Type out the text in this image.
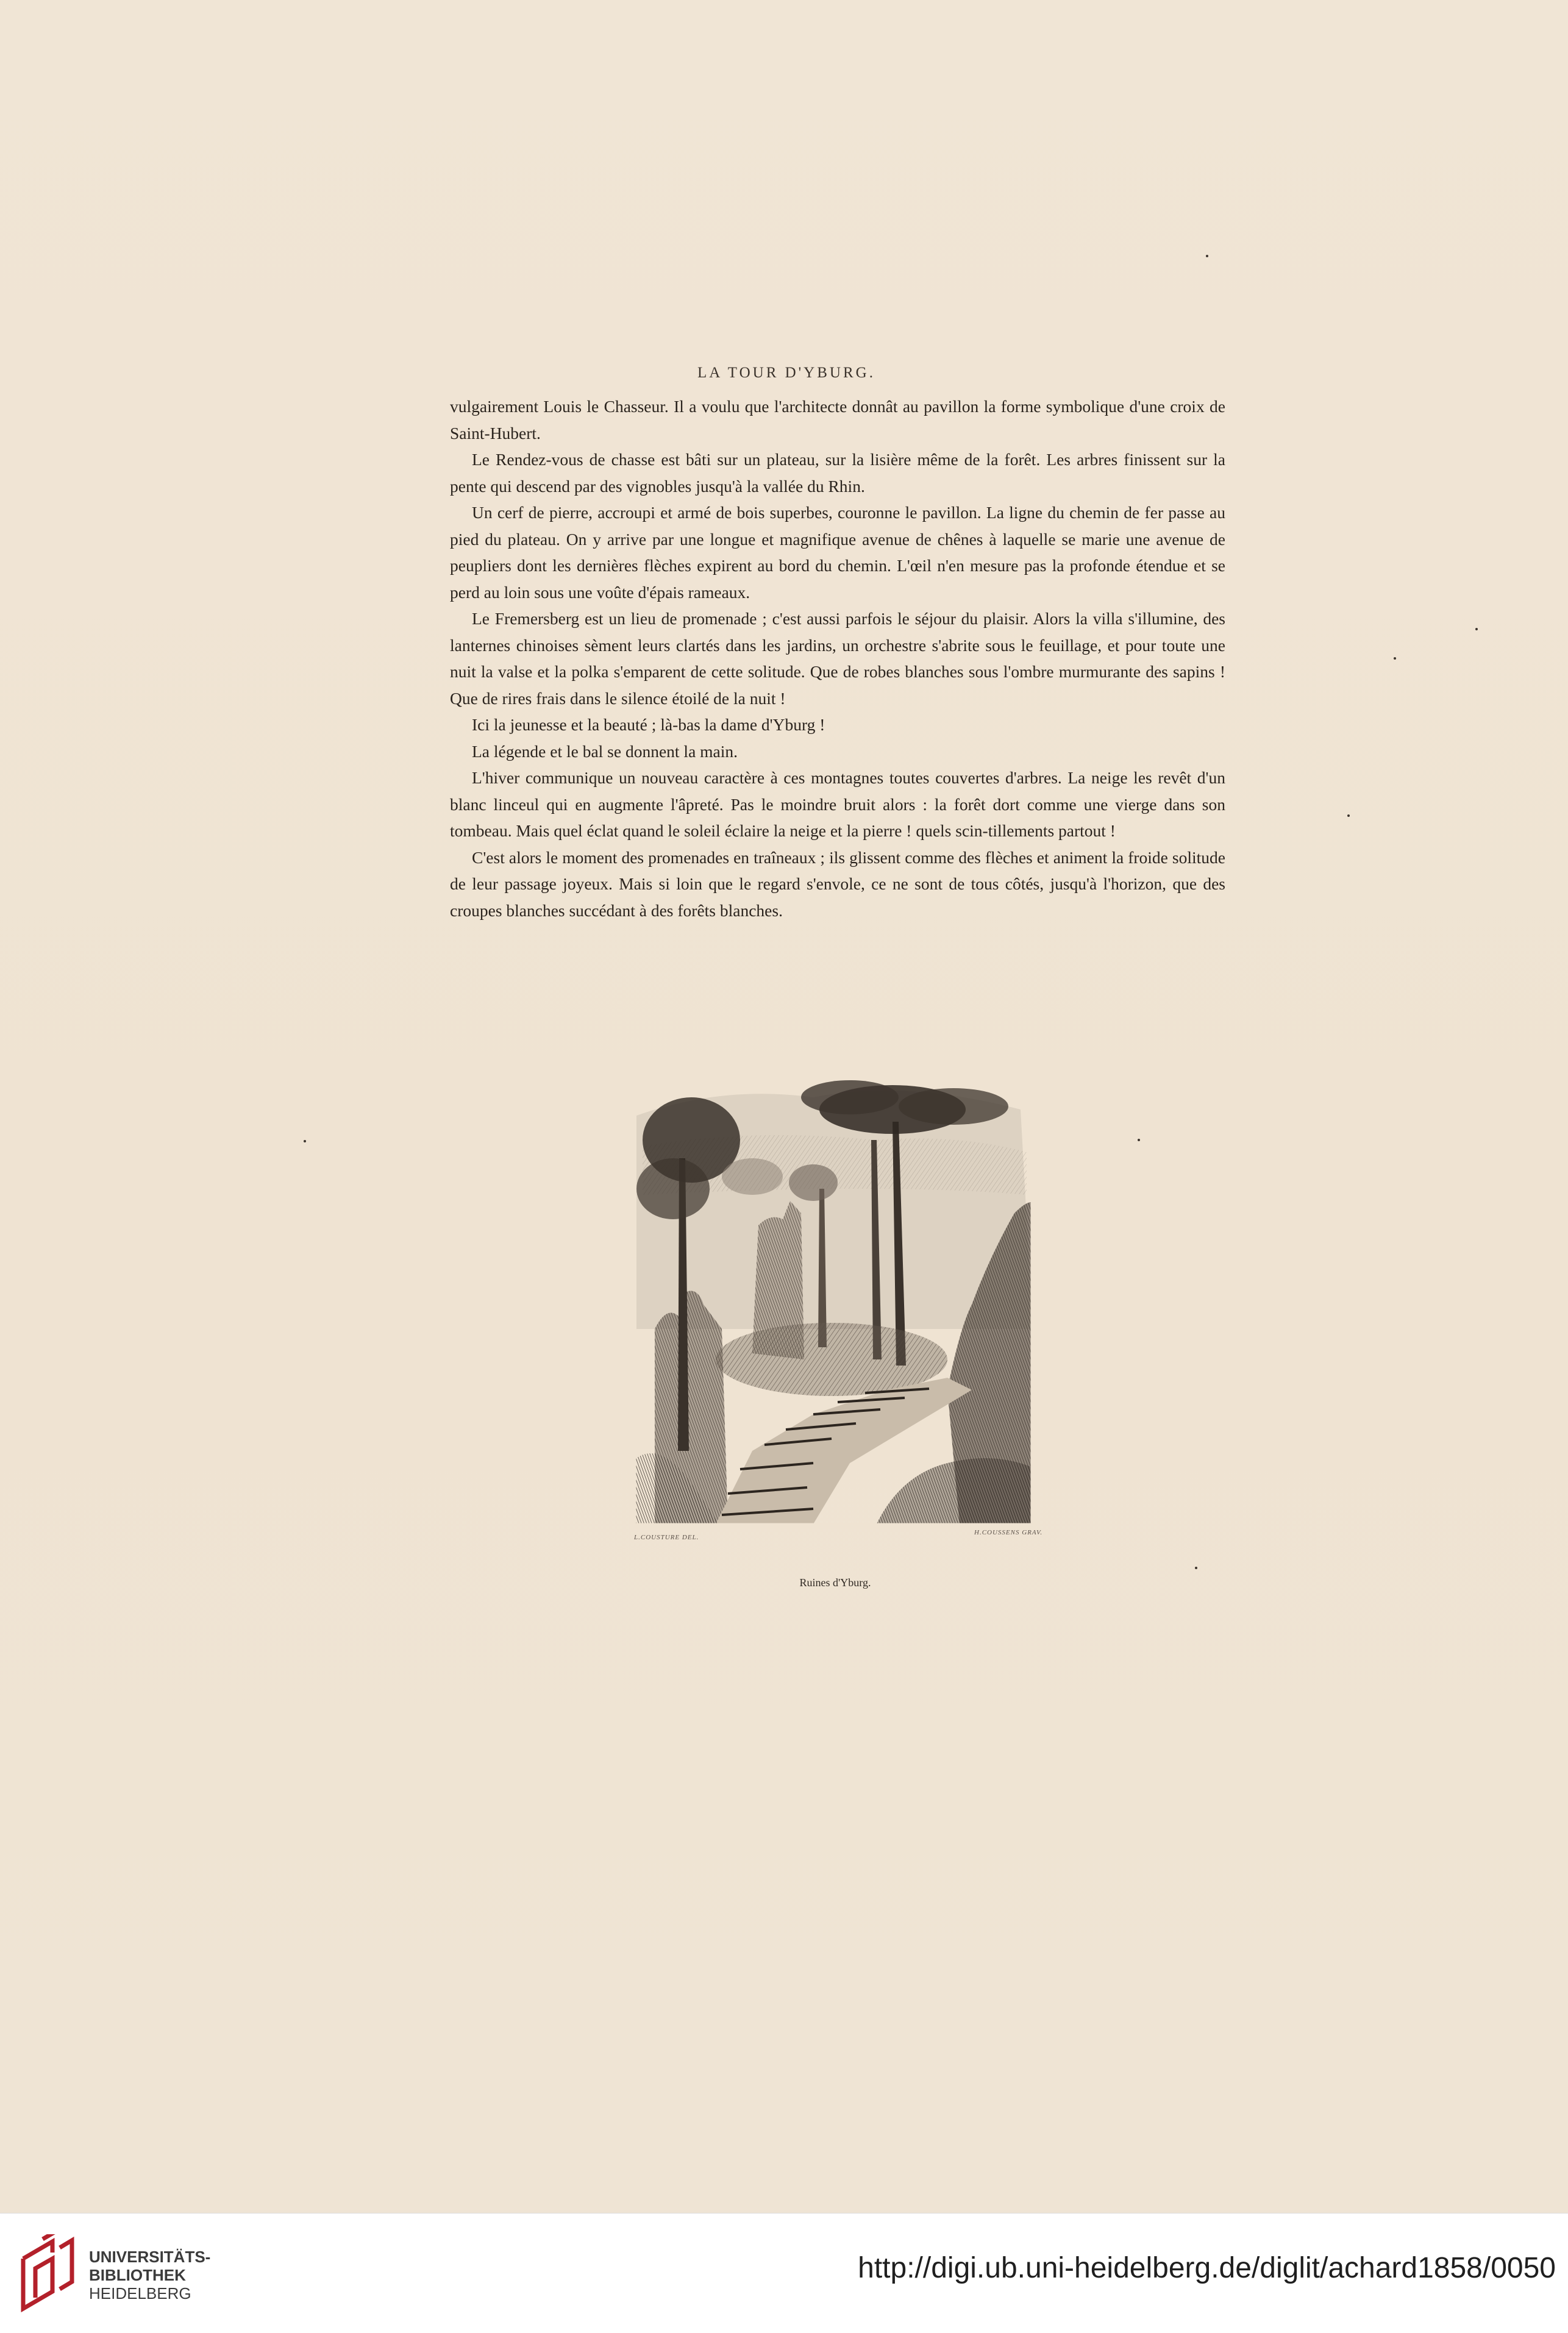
LA TOUR D'YBURG.

vulgairement Louis le Chasseur. Il a voulu que l'architecte donnât au pavillon la forme symbolique d'une croix de Saint-Hubert.

Le Rendez-vous de chasse est bâti sur un plateau, sur la lisière même de la forêt. Les arbres finissent sur la pente qui descend par des vignobles jusqu'à la vallée du Rhin.

Un cerf de pierre, accroupi et armé de bois superbes, couronne le pavillon. La ligne du chemin de fer passe au pied du plateau. On y arrive par une longue et magnifique avenue de chênes à laquelle se marie une avenue de peupliers dont les dernières flèches expirent au bord du chemin. L'œil n'en mesure pas la profonde étendue et se perd au loin sous une voûte d'épais rameaux.

Le Fremersberg est un lieu de promenade ; c'est aussi parfois le séjour du plaisir. Alors la villa s'illumine, des lanternes chinoises sèment leurs clartés dans les jardins, un orchestre s'abrite sous le feuillage, et pour toute une nuit la valse et la polka s'emparent de cette solitude. Que de robes blanches sous l'ombre murmurante des sapins ! Que de rires frais dans le silence étoilé de la nuit !

Ici la jeunesse et la beauté ; là-bas la dame d'Yburg !

La légende et le bal se donnent la main.

L'hiver communique un nouveau caractère à ces montagnes toutes couvertes d'arbres. La neige les revêt d'un blanc linceul qui en augmente l'âpreté. Pas le moindre bruit alors : la forêt dort comme une vierge dans son tombeau. Mais quel éclat quand le soleil éclaire la neige et la pierre ! quels scin-tillements partout !

C'est alors le moment des promenades en traîneaux ; ils glissent comme des flèches et animent la froide solitude de leur passage joyeux. Mais si loin que le regard s'envole, ce ne sont de tous côtés, jusqu'à l'horizon, que des croupes blanches succédant à des forêts blanches.

L.COUSTURE DEL.
H.COUSSENS GRAV.
Ruines d'Yburg.
UNIVERSITÄTS-
BIBLIOTHEK
HEIDELBERG
http://digi.ub.uni-heidelberg.de/diglit/achard1858/0050
